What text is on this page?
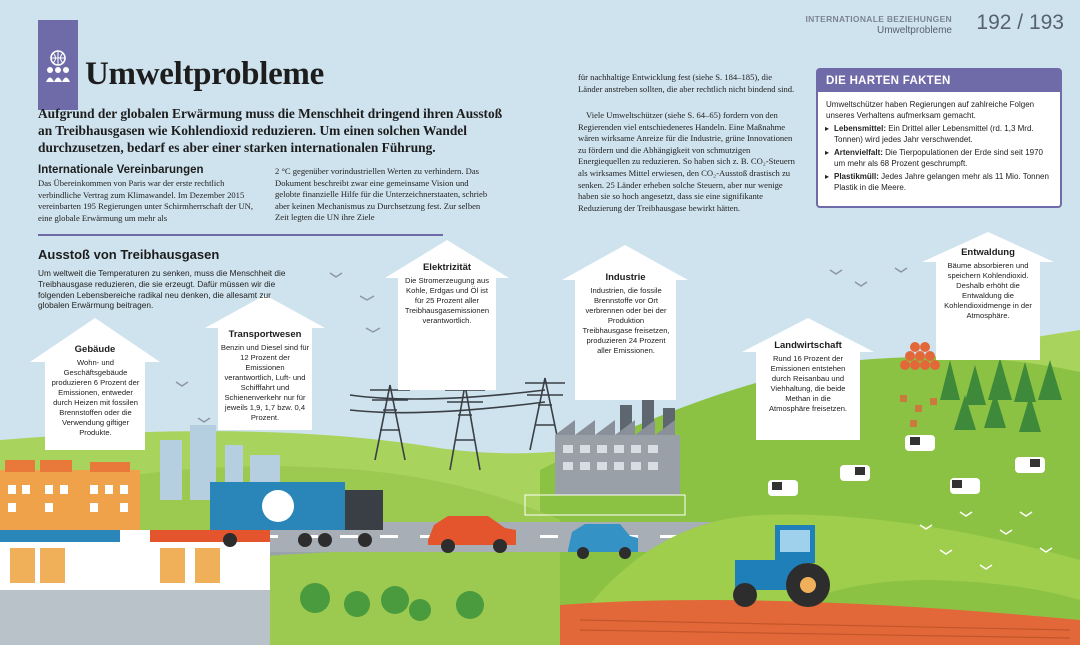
INTERNATIONALE BEZIEHUNGEN
Umweltprobleme 192 / 193
Umweltprobleme
Aufgrund der globalen Erwärmung muss die Menschheit dringend ihren Ausstoß an Treibhausgasen wie Kohlendioxid reduzieren. Um einen solchen Wandel durchzusetzen, bedarf es aber einer starken internationalen Führung.
Internationale Vereinbarungen
Das Übereinkommen von Paris war der erste rechtlich verbindliche Vertrag zum Klimawandel. Im Dezember 2015 vereinbarten 195 Regierungen unter Schirmherrschaft der UN, eine globale Erwärmung um mehr als
2 °C gegenüber vorindustriellen Werten zu verhindern. Das Dokument beschreibt zwar eine gemeinsame Vision und gelobte finanzielle Hilfe für die Unterzeichnerstaaten, schrieb aber keinen Mechanismus zu Durchsetzung fest. Zur selben Zeit legten die UN ihre Ziele
für nachhaltige Entwicklung fest (siehe S. 184–185), die Länder anstreben sollten, die aber rechtlich nicht bindend sind.
Viele Umweltschützer (siehe S. 64–65) fordern von den Regierenden viel entschiedeneres Handeln. Eine Maßnahme wären wirksame Anreize für die Industrie, grüne Innovationen zu fördern und die Abhängigkeit von schmutzigen Energiequellen zu reduzieren. So haben sich z. B. CO₂-Steuern als wirksames Mittel erwiesen, den CO₂-Ausstoß drastisch zu senken. 25 Länder erheben solche Steuern, aber nur wenige haben sie so hoch angesetzt, dass sie eine signifikante Reduzierung der Treibhausgase bewirkt hätten.
DIE HARTEN FAKTEN
Umweltschützer haben Regierungen auf zahlreiche Folgen unseres Verhaltens aufmerksam gemacht.
▸ Lebensmittel: Ein Drittel aller Lebensmittel (rd. 1,3 Mrd. Tonnen) wird jedes Jahr verschwendet.
▸ Artenvielfalt: Die Tierpopulationen der Erde sind seit 1970 um mehr als 68 Prozent geschrumpft.
▸ Plastikmüll: Jedes Jahre gelangen mehr als 11 Mio. Tonnen Plastik in die Meere.
Ausstoß von Treibhausgasen
Um weltweit die Temperaturen zu senken, muss die Menschheit die Treibhausgase reduzieren, die sie erzeugt. Dafür müssen wir die folgenden Lebensbereiche radikal neu denken, die allesamt zur globalen Erwärmung beitragen.
Gebäude
Wohn- und Geschäftsgebäude produzieren 6 Prozent der Emissionen, entweder durch Heizen mit fossilen Brennstoffen oder die Verwendung giftiger Produkte.
Transportwesen
Benzin und Diesel sind für 12 Prozent der Emissionen verantwortlich, Luft- und Schifffahrt und Schienenverkehr nur für jeweils 1,9, 1,7 bzw. 0,4 Prozent.
Elektrizität
Die Stromerzeugung aus Kohle, Erdgas und Öl ist für 25 Prozent aller Treibhausgasemissionen verantwortlich.
Industrie
Industrien, die fossile Brennstoffe vor Ort verbrennen oder bei der Produktion Treibhausgase freisetzen, produzieren 24 Prozent aller Emissionen.	Landwirtschaft
Rund 16 Prozent der Emissionen entstehen durch Reisanbau und Viehhaltung, die beide Methan in die Atmosphäre freisetzen.
Entwaldung
Bäume absorbieren und speichern Kohlendioxid. Deshalb erhöht die Entwaldung die Kohlendioxidmenge in der Atmosphäre.
